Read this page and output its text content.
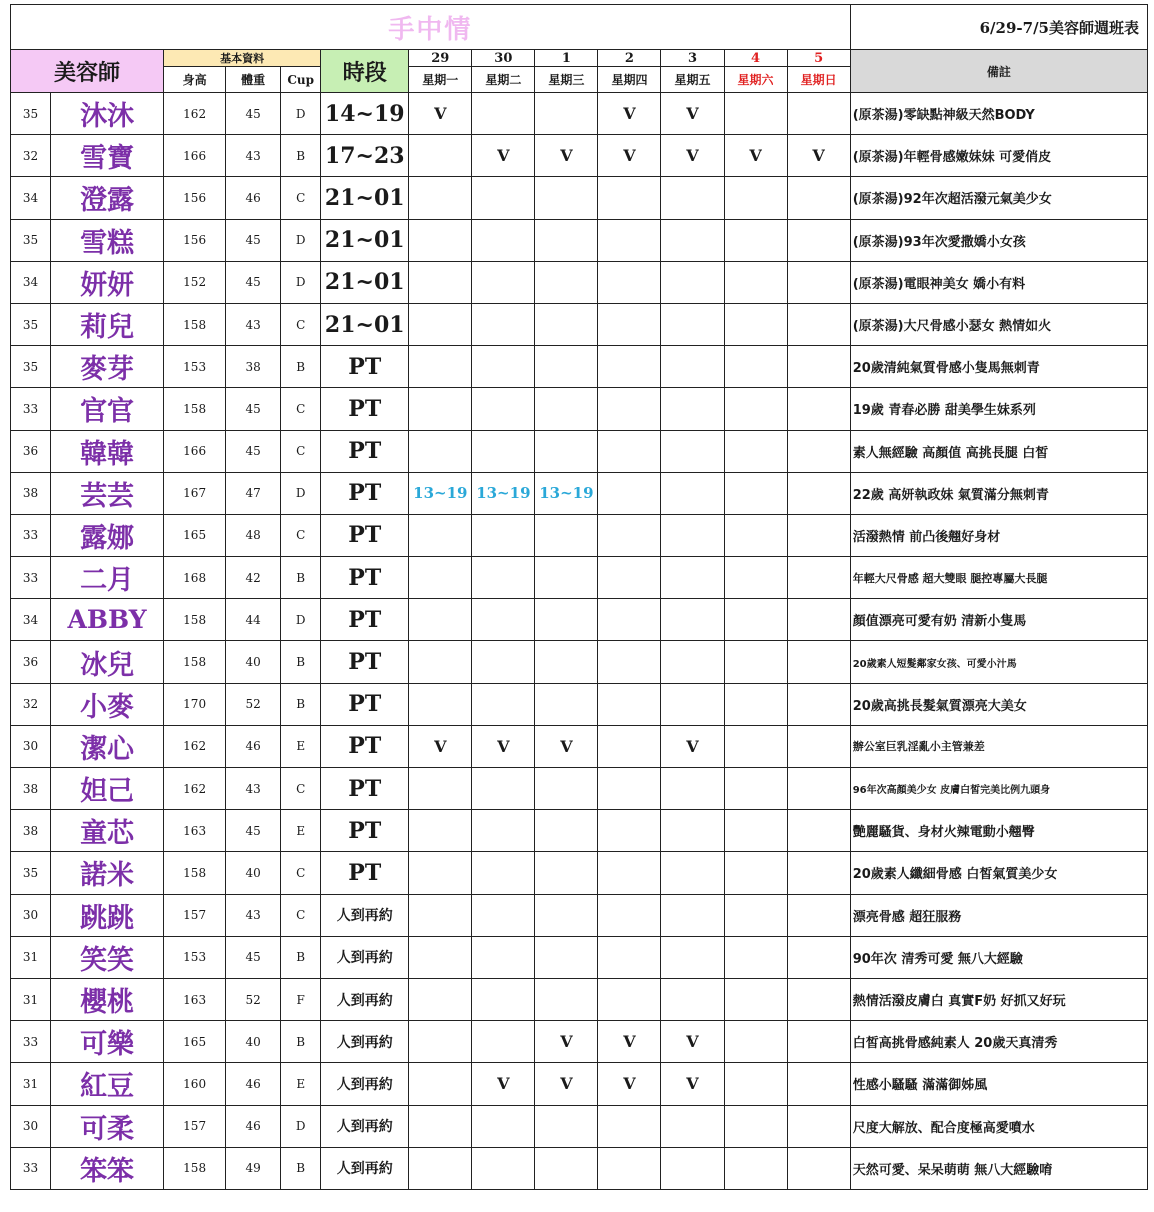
手中情													6/29-7/5美容師週班表
美容師		基本資料			時段	29	30	1	2	3	4	5	備註
		身高	體重	Cup		星期一	星期二	星期三	星期四	星期五	星期六	星期日	
35	沐沐	162	45	D	14~19	V			V	V			(原茶湯)零缺點神級天然BODY
32	雪寶	166	43	B	17~23		V	V	V	V	V	V	(原茶湯)年輕骨感嫩妹妹 可愛俏皮
34	澄露	156	46	C	21~01								(原茶湯)92年次超活潑元氣美少女
35	雪糕	156	45	D	21~01								(原茶湯)93年次愛撒嬌小女孩
34	妍妍	152	45	D	21~01								(原茶湯)電眼神美女 嬌小有料
35	莉兒	158	43	C	21~01								(原茶湯)大尺骨感小瑟女 熱情如火
35	麥芽	153	38	B	PT								20歲清純氣質骨感小隻馬無刺青
33	官官	158	45	C	PT								19歲 青春必勝 甜美學生妹系列
36	韓韓	166	45	C	PT								素人無經驗 高顏值 高挑長腿 白皙
38	芸芸	167	47	D	PT	13~19	13~19	13~19					22歲 高妍執政妹 氣質滿分無刺青
33	露娜	165	48	C	PT								活潑熱情 前凸後翹好身材
33	二月	168	42	B	PT								年輕大尺骨感 超大雙眼 腿控專屬大長腿
34	ABBY	158	44	D	PT								顏值漂亮可愛有奶 清新小隻馬
36	冰兒	158	40	B	PT								20歲素人短髮鄰家女孩、可愛小汁馬
32	小麥	170	52	B	PT								20歲高挑長髮氣質漂亮大美女
30	潔心	162	46	E	PT	V	V	V		V			辦公室巨乳淫亂小主管兼差
38	妲己	162	43	C	PT								96年次高顏美少女 皮膚白皙完美比例九頭身
38	童芯	163	45	E	PT								艷麗騷貨、身材火辣電動小翹臀
35	諾米	158	40	C	PT								20歲素人纖細骨感 白皙氣質美少女
30	跳跳	157	43	C	人到再約								漂亮骨感 超狂服務
31	笑笑	153	45	B	人到再約								90年次 清秀可愛 無八大經驗
31	櫻桃	163	52	F	人到再約								熱情活潑皮膚白 真實F奶 好抓又好玩
33	可樂	165	40	B	人到再約			V	V	V			白皙高挑骨感純素人 20歲天真清秀
31	紅豆	160	46	E	人到再約		V	V	V	V			性感小騷騷 滿滿御姊風
30	可柔	157	46	D	人到再約								尺度大解放、配合度極高愛噴水
33	笨笨	158	49	B	人到再約								天然可愛、呆呆萌萌 無八大經驗唷
